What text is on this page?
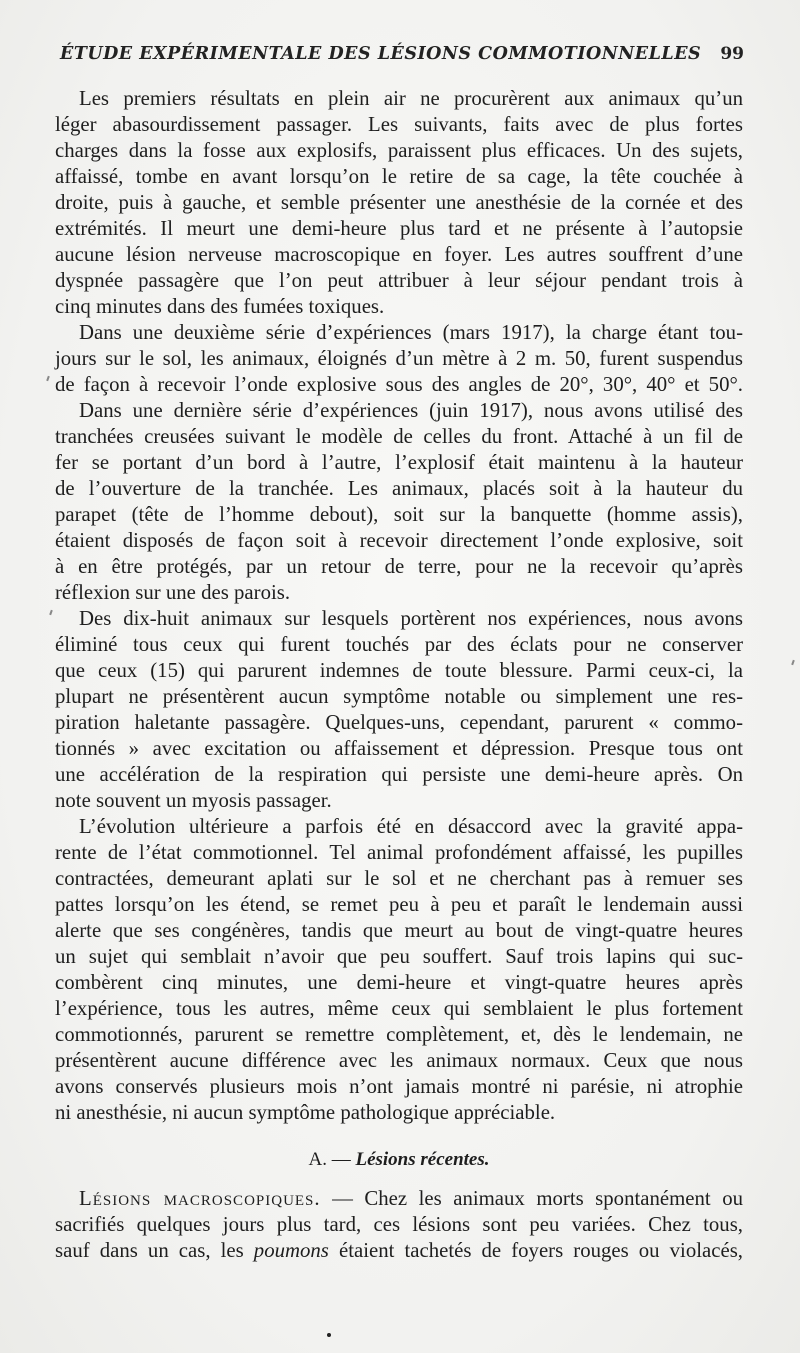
ÉTUDE EXPÉRIMENTALE DES LÉSIONS COMMOTIONNELLES 99
Les premiers résultats en plein air ne procurèrent aux animaux qu’un
léger abasourdissement passager. Les suivants, faits avec de plus fortes
charges dans la fosse aux explosifs, paraissent plus efficaces. Un des sujets,
affaissé, tombe en avant lorsqu’on le retire de sa cage, la tête couchée à
droite, puis à gauche, et semble présenter une anesthésie de la cornée et des
extrémités. Il meurt une demi-heure plus tard et ne présente à l’autopsie
aucune lésion nerveuse macroscopique en foyer. Les autres souffrent d’une
dyspnée passagère que l’on peut attribuer à leur séjour pendant trois à
cinq minutes dans des fumées toxiques.
Dans une deuxième série d’expériences (mars 1917), la charge étant tou-
jours sur le sol, les animaux, éloignés d’un mètre à 2 m. 50, furent suspendus
de façon à recevoir l’onde explosive sous des angles de 20°, 30°, 40° et 50°.
Dans une dernière série d’expériences (juin 1917), nous avons utilisé des
tranchées creusées suivant le modèle de celles du front. Attaché à un fil de
fer se portant d’un bord à l’autre, l’explosif était maintenu à la hauteur
de l’ouverture de la tranchée. Les animaux, placés soit à la hauteur du
parapet (tête de l’homme debout), soit sur la banquette (homme assis),
étaient disposés de façon soit à recevoir directement l’onde explosive, soit
à en être protégés, par un retour de terre, pour ne la recevoir qu’après
réflexion sur une des parois.
Des dix-huit animaux sur lesquels portèrent nos expériences, nous avons
éliminé tous ceux qui furent touchés par des éclats pour ne conserver
que ceux (15) qui parurent indemnes de toute blessure. Parmi ceux-ci, la
plupart ne présentèrent aucun symptôme notable ou simplement une res-
piration haletante passagère. Quelques-uns, cependant, parurent « commo-
tionnés » avec excitation ou affaissement et dépression. Presque tous ont
une accélération de la respiration qui persiste une demi-heure après. On
note souvent un myosis passager.
L’évolution ultérieure a parfois été en désaccord avec la gravité appa-
rente de l’état commotionnel. Tel animal profondément affaissé, les pupilles
contractées, demeurant aplati sur le sol et ne cherchant pas à remuer ses
pattes lorsqu’on les étend, se remet peu à peu et paraît le lendemain aussi
alerte que ses congénères, tandis que meurt au bout de vingt-quatre heures
un sujet qui semblait n’avoir que peu souffert. Sauf trois lapins qui suc-
combèrent cinq minutes, une demi-heure et vingt-quatre heures après
l’expérience, tous les autres, même ceux qui semblaient le plus fortement
commotionnés, parurent se remettre complètement, et, dès le lendemain, ne
présentèrent aucune différence avec les animaux normaux. Ceux que nous
avons conservés plusieurs mois n’ont jamais montré ni parésie, ni atrophie
ni anesthésie, ni aucun symptôme pathologique appréciable.
A. — Lésions récentes.
Lésions macroscopiques. — Chez les animaux morts spontanément ou
sacrifiés quelques jours plus tard, ces lésions sont peu variées. Chez tous,
sauf dans un cas, les poumons étaient tachetés de foyers rouges ou violacés,
